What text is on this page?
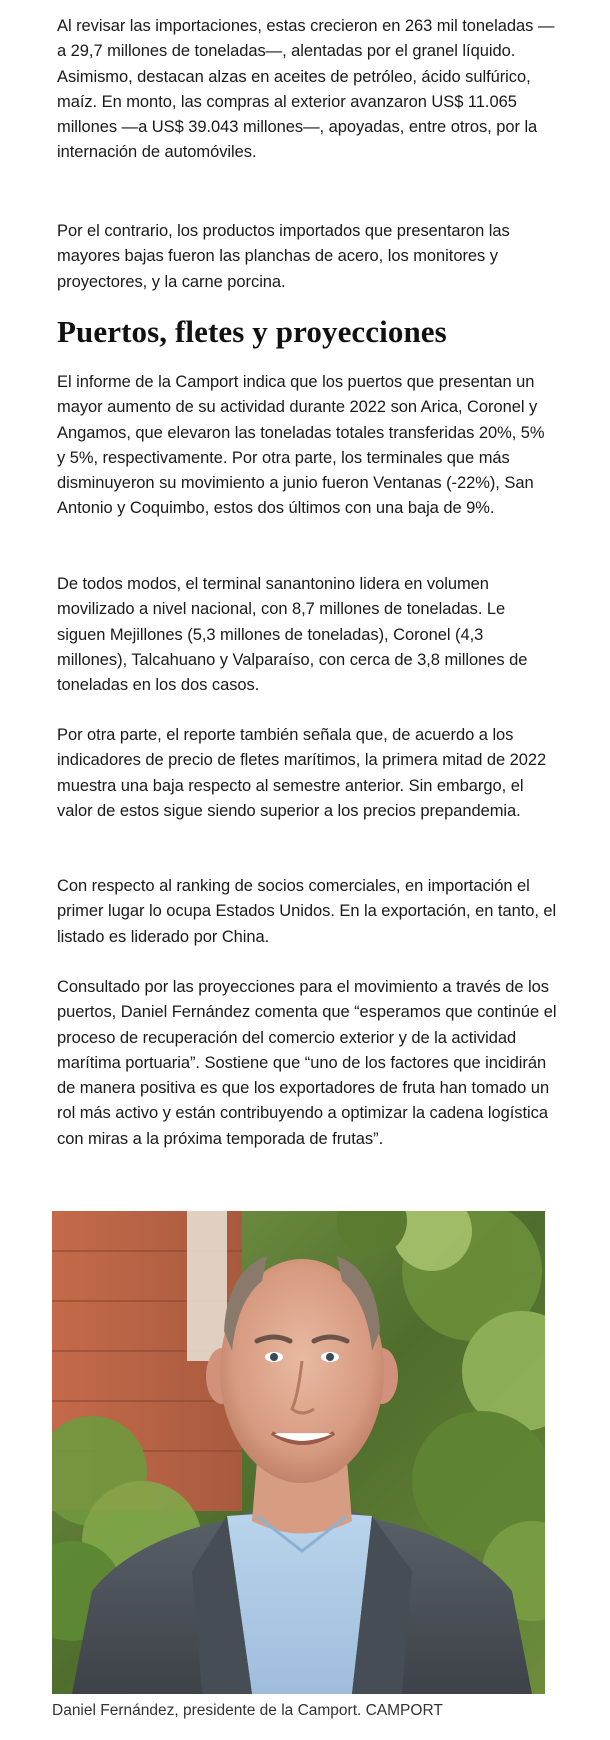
Al revisar las importaciones, estas crecieron en 263 mil toneladas —a 29,7 millones de toneladas—, alentadas por el granel líquido. Asimismo, destacan alzas en aceites de petróleo, ácido sulfúrico, maíz. En monto, las compras al exterior avanzaron US$ 11.065 millones —a US$ 39.043 millones—, apoyadas, entre otros, por la internación de automóviles.

Por el contrario, los productos importados que presentaron las mayores bajas fueron las planchas de acero, los monitores y proyectores, y la carne porcina.

Puertos, fletes y proyecciones

El informe de la Camport indica que los puertos que presentan un mayor aumento de su actividad durante 2022 son Arica, Coronel y Angamos, que elevaron las toneladas totales transferidas 20%, 5% y 5%, respectivamente. Por otra parte, los terminales que más disminuyeron su movimiento a junio fueron Ventanas (-22%), San Antonio y Coquimbo, estos dos últimos con una baja de 9%.

De todos modos, el terminal sanantonino lidera en volumen movilizado a nivel nacional, con 8,7 millones de toneladas. Le siguen Mejillones (5,3 millones de toneladas), Coronel (4,3 millones), Talcahuano y Valparaíso, con cerca de 3,8 millones de toneladas en los dos casos.

Por otra parte, el reporte también señala que, de acuerdo a los indicadores de precio de fletes marítimos, la primera mitad de 2022 muestra una baja respecto al semestre anterior. Sin embargo, el valor de estos sigue siendo superior a los precios prepandemia.

Con respecto al ranking de socios comerciales, en importación el primer lugar lo ocupa Estados Unidos. En la exportación, en tanto, el listado es liderado por China.

Consultado por las proyecciones para el movimiento a través de los puertos, Daniel Fernández comenta que “esperamos que continúe el proceso de recuperación del comercio exterior y de la actividad marítima portuaria”. Sostiene que “uno de los factores que incidirán de manera positiva es que los exportadores de fruta han tomado un rol más activo y están contribuyendo a optimizar la cadena logística con miras a la próxima temporada de frutas”.

Daniel Fernández, presidente de la Camport. CAMPORT
